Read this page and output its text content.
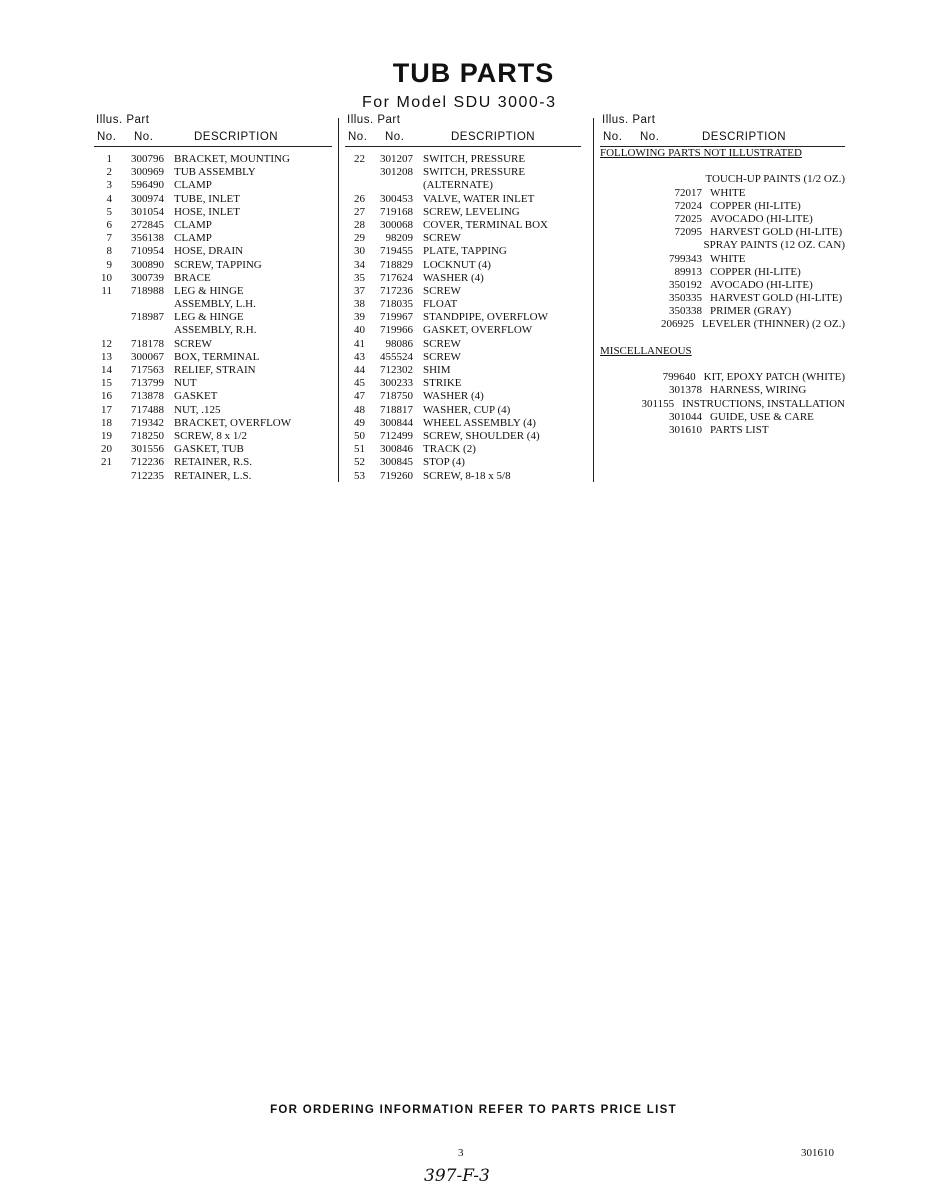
TUB PARTS
For Model SDU 3000-3
Illus. Part
No. No.	DESCRIPTION
1	300796 BRACKET, MOUNTING
2	300969 TUB ASSEMBLY
3	596490 CLAMP
4	300974 TUBE, INLET
5	301054 HOSE, INLET
6	272845 CLAMP
7	356138 CLAMP
8	710954 HOSE, DRAIN
9	300890 SCREW, TAPPING
10	300739 BRACE
11	718988 LEG & HINGE
ASSEMBLY, L.H.
718987 LEG & HINGE
ASSEMBLY, R.H.
12	718178 SCREW
13	300067 BOX, TERMINAL
14	717563 RELIEF, STRAIN
15	713799 NUT
16	713878 GASKET
17	717488 NUT, .125
18	719342 BRACKET, OVERFLOW
19	718250 SCREW, 8 x 1/2
20	301556 GASKET, TUB
21	712236 RETAINER, R.S.
712235 RETAINER, L.S.
Illus. Part
No. No.	DESCRIPTION
22	301207 SWITCH, PRESSURE
301208 SWITCH, PRESSURE
(ALTERNATE)
26	300453 VALVE, WATER INLET
27	719168 SCREW, LEVELING
28	300068 COVER, TERMINAL BOX
29	98209 SCREW
30	719455 PLATE, TAPPING
34	718829 LOCKNUT (4)
35	717624 WASHER (4)
37	717236 SCREW
38	718035 FLOAT
39	719967 STANDPIPE, OVERFLOW
40	719966 GASKET, OVERFLOW
41	98086 SCREW
43	455524 SCREW
44	712302 SHIM
45	300233 STRIKE
47	718750 WASHER (4)
48	718817 WASHER, CUP (4)
49	300844 WHEEL ASSEMBLY (4)
50	712499 SCREW, SHOULDER (4)
51	300846 TRACK (2)
52	300845 STOP (4)
53	719260 SCREW, 8-18 x 5/8
Illus. Part
No. No.	DESCRIPTION
FOLLOWING PARTS NOT ILLUSTRATED
TOUCH-UP PAINTS (1/2 OZ.)
72017 WHITE
72024 COPPER (HI-LITE)
72025 AVOCADO (HI-LITE)
72095 HARVEST GOLD (HI-LITE)
SPRAY PAINTS (12 OZ. CAN)
799343 WHITE
89913 COPPER (HI-LITE)
350192 AVOCADO (HI-LITE)
350335 HARVEST GOLD (HI-LITE)
350338 PRIMER (GRAY)
206925 LEVELER (THINNER) (2 OZ.)
MISCELLANEOUS
799640 KIT, EPOXY PATCH (WHITE)
301378 HARNESS, WIRING
301155 INSTRUCTIONS, INSTALLATION
301044 GUIDE, USE & CARE
301610 PARTS LIST
FOR ORDERING INFORMATION REFER TO PARTS PRICE LIST
3	301610
397-F-3
